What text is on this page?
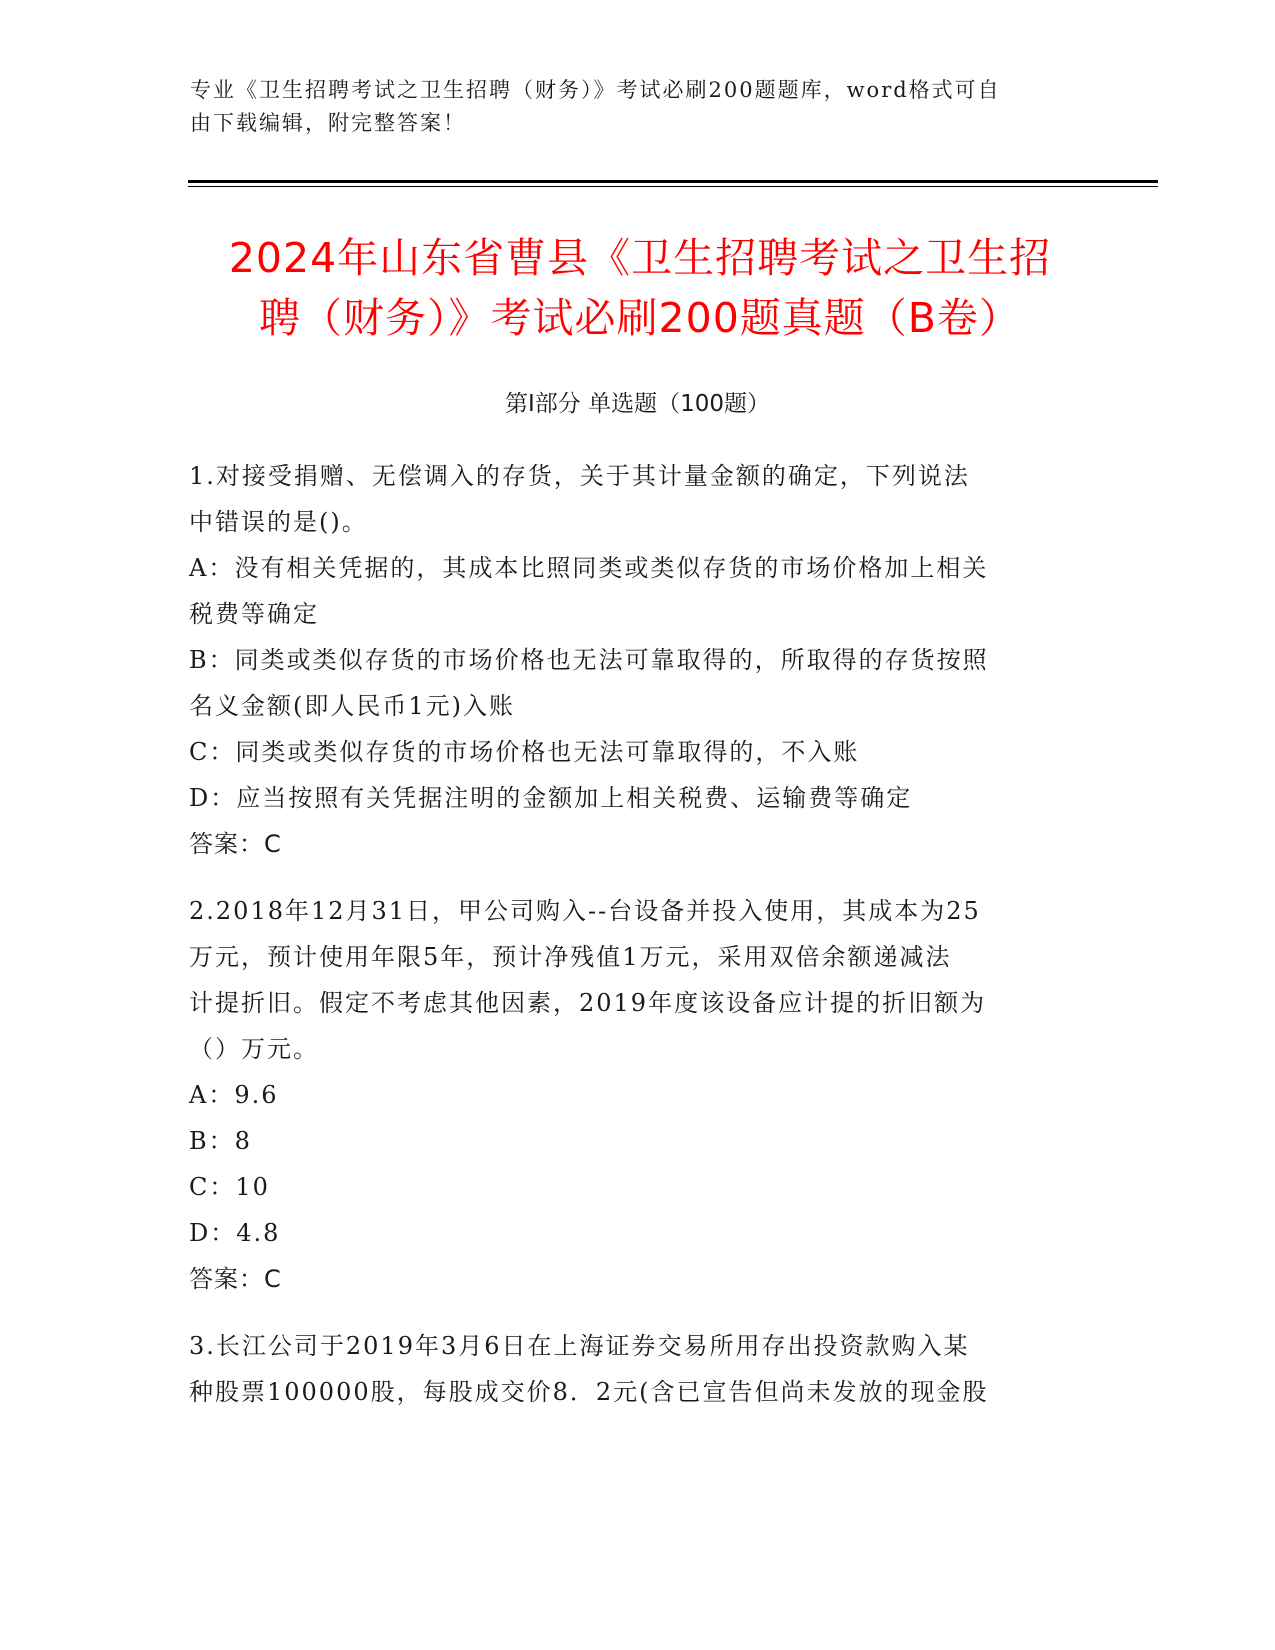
专业《卫生招聘考试之卫生招聘（财务）》考试必刷200题题库，word格式可自
由下载编辑，附完整答案！
2024年山东省曹县《卫生招聘考试之卫生招
聘（财务）》考试必刷200题真题（B卷）
第Ⅰ部分 单选题（100题）
1.对接受捐赠、无偿调入的存货，关于其计量金额的确定，下列说法
中错误的是()。
A：没有相关凭据的，其成本比照同类或类似存货的市场价格加上相关
税费等确定
B：同类或类似存货的市场价格也无法可靠取得的，所取得的存货按照
名义金额(即人民币1元)入账
C：同类或类似存货的市场价格也无法可靠取得的，不入账
D：应当按照有关凭据注明的金额加上相关税费、运输费等确定
答案：C
2.2018年12月31日，甲公司购入--台设备并投入使用，其成本为25
万元，预计使用年限5年，预计净残值1万元，采用双倍余额递减法
计提折旧。假定不考虑其他因素，2019年度该设备应计提的折旧额为
（）万元。
A：9.6
B：8
C：10
D：4.8
答案：C
3.长江公司于2019年3月6日在上海证券交易所用存出投资款购入某
种股票100000股，每股成交价8．2元(含已宣告但尚未发放的现金股
